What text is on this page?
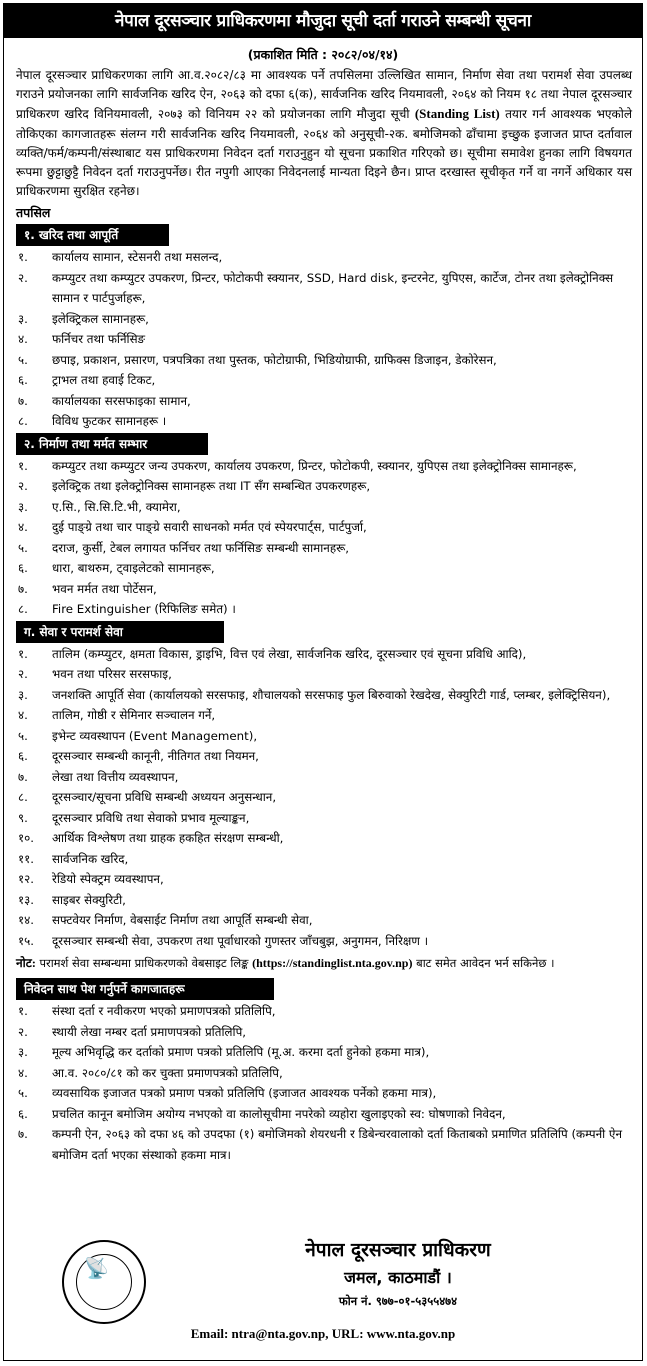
नेपाल दूरसञ्चार प्राधिकरणमा मौजुदा सूची दर्ता गराउने सम्बन्धी सूचना
(प्रकाशित मिति : २०८२/०४/१४)
नेपाल दूरसञ्चार प्राधिकरणका लागि आ.व.२०८२/८३ मा आवश्यक पर्ने तपसिलमा उल्लिखित सामान, निर्माण सेवा तथा परामर्श सेवा उपलब्ध गराउने प्रयोजनका लागि सार्वजनिक खरिद ऐन, २०६३ को दफा ६(क), सार्वजनिक खरिद नियमावली, २०६४ को नियम १८ तथा नेपाल दूरसञ्चार प्राधिकरण खरिद विनियमावली, २०७३ को विनियम २२ को प्रयोजनका लागि मौजुदा सूची (Standing List) तयार गर्न आवश्यक भएकोले तोकिएका कागजातहरू संलग्न गरी सार्वजनिक खरिद नियमावली, २०६४ को अनुसूची-२क. बमोजिमको ढाँचामा इच्छुक इजाजत प्राप्त दर्तावाल व्यक्ति/फर्म/कम्पनी/संस्थाबाट यस प्राधिकरणमा निवेदन दर्ता गराउनुहुन यो सूचना प्रकाशित गरिएको छ। सूचीमा समावेश हुनका लागि विषयगत रूपमा छुट्टाछुट्टै निवेदन दर्ता गराउनुपर्नेछ। रीत नपुगी आएका निवेदनलाई मान्यता दिइने छैन। प्राप्त दरखास्त सूचीकृत गर्ने वा नगर्ने अधिकार यस प्राधिकरणमा सुरक्षित रहनेछ।
तपसिल
१. खरिद तथा आपूर्ति
१.	कार्यालय सामान, स्टेसनरी तथा मसलन्द,
२.	कम्प्युटर तथा कम्प्युटर उपकरण, प्रिन्टर, फोटोकपी स्क्यानर, SSD, Hard disk, इन्टरनेट, युपिएस, कार्टेज, टोनर तथा इलेक्ट्रोनिक्स सामान र पार्टपुर्जाहरू,
३.	इलेक्ट्रिकल सामानहरू,
४.	फर्निचर तथा फर्निसिङ
५.	छपाइ, प्रकाशन, प्रसारण, पत्रपत्रिका तथा पुस्तक, फोटोग्राफी, भिडियोग्राफी, ग्राफिक्स डिजाइन, डेकोरेसन,
६.	ट्राभल तथा हवाई टिकट,
७.	कार्यालयका सरसफाइका सामान,
८.	विविध फुटकर सामानहरू ।
२. निर्माण तथा मर्मत सम्भार
१.	कम्प्युटर तथा कम्प्युटर जन्य उपकरण, कार्यालय उपकरण, प्रिन्टर, फोटोकपी, स्क्यानर, युपिएस तथा इलेक्ट्रोनिक्स सामानहरू,
२.	इलेक्ट्रिक तथा इलेक्ट्रोनिक्स सामानहरू तथा IT सँग सम्बन्धित उपकरणहरू,
३.	ए.सि., सि.सि.टि.भी, क्यामेरा,
४.	दुई पाङ्ग्रे तथा चार पाङ्ग्रे सवारी साधनको मर्मत एवं स्पेयरपार्ट्स, पार्टपुर्जा,
५.	दराज, कुर्सी, टेबल लगायत फर्निचर तथा फर्निसिङ सम्बन्धी सामानहरू,
६.	धारा, बाथरुम, ट्वाइलेटको सामानहरू,
७.	भवन मर्मत तथा पोर्टेसन,
८.	Fire Extinguisher (रिफिलिङ समेत) ।
ग. सेवा र परामर्श सेवा
१.	तालिम (कम्प्युटर, क्षमता विकास, ड्राइभि, वित्त एवं लेखा, सार्वजनिक खरिद, दूरसञ्चार एवं सूचना प्रविधि आदि),
२.	भवन तथा परिसर सरसफाइ,
३.	जनशक्ति आपूर्ति सेवा (कार्यालयको सरसफाइ, शौचालयको सरसफाइ फुल बिरुवाको रेखदेख, सेक्युरिटी गार्ड, प्लम्बर, इलेक्ट्रिसियन),
४.	तालिम, गोष्ठी र सेमिनार सञ्चालन गर्ने,
५.	इभेन्ट व्यवस्थापन (Event Management),
६.	दूरसञ्चार सम्बन्धी कानूनी, नीतिगत तथा नियमन,
७.	लेखा तथा वित्तीय व्यवस्थापन,
८.	दूरसञ्चार/सूचना प्रविधि सम्बन्धी अध्ययन अनुसन्धान,
९.	दूरसञ्चार प्रविधि तथा सेवाको प्रभाव मूल्याङ्कन,
१०.	आर्थिक विश्लेषण तथा ग्राहक हकहित संरक्षण सम्बन्धी,
११.	सार्वजनिक खरिद,
१२.	रेडियो स्पेक्ट्रम व्यवस्थापन,
१३.	साइबर सेक्युरिटी,
१४.	सफ्टवेयर निर्माण, वेबसाईट निर्माण तथा आपूर्ति सम्बन्धी सेवा,
१५.	दूरसञ्चार सम्बन्धी सेवा, उपकरण तथा पूर्वाधारको गुणस्तर जाँचबुझ, अनुगमन, निरिक्षण ।
नोट: परामर्श सेवा सम्बन्धमा प्राधिकरणको वेबसाइट लिङ्क (https://standinglist.nta.gov.np) बाट समेत आवेदन भर्न सकिनेछ ।
निवेदन साथ पेश गर्नुपर्ने कागजातहरू
१.	संस्था दर्ता र नवीकरण भएको प्रमाणपत्रको प्रतिलिपि,
२.	स्थायी लेखा नम्बर दर्ता प्रमाणपत्रको प्रतिलिपि,
३.	मूल्य अभिवृद्धि कर दर्ताको प्रमाण पत्रको प्रतिलिपि (मू.अ. करमा दर्ता हुनेको हकमा मात्र),
४.	आ.व. २०८०/८१ को कर चुक्ता प्रमाणपत्रको प्रतिलिपि,
५.	व्यवसायिक इजाजत पत्रको प्रमाण पत्रको प्रतिलिपि (इजाजत आवश्यक पर्नेको हकमा मात्र),
६.	प्रचलित कानून बमोजिम अयोग्य नभएको वा कालोसूचीमा नपरेको व्यहोरा खुलाइएको स्व: घोषणाको निवेदन,
७.	कम्पनी ऐन, २०६३ को दफा ४६ को उपदफा (१) बमोजिमको शेयरधनी र डिबेन्चरवालाको दर्ता किताबको प्रमाणित प्रतिलिपि (कम्पनी ऐन बमोजिम दर्ता भएका संस्थाको हकमा मात्र।
📡
नेपाल दूरसञ्चार प्राधिकरण
जमल, काठमाडौं ।
फोन नं. ९७७-०१-५३५५४७४
Email: ntra@nta.gov.np, URL: www.nta.gov.np
